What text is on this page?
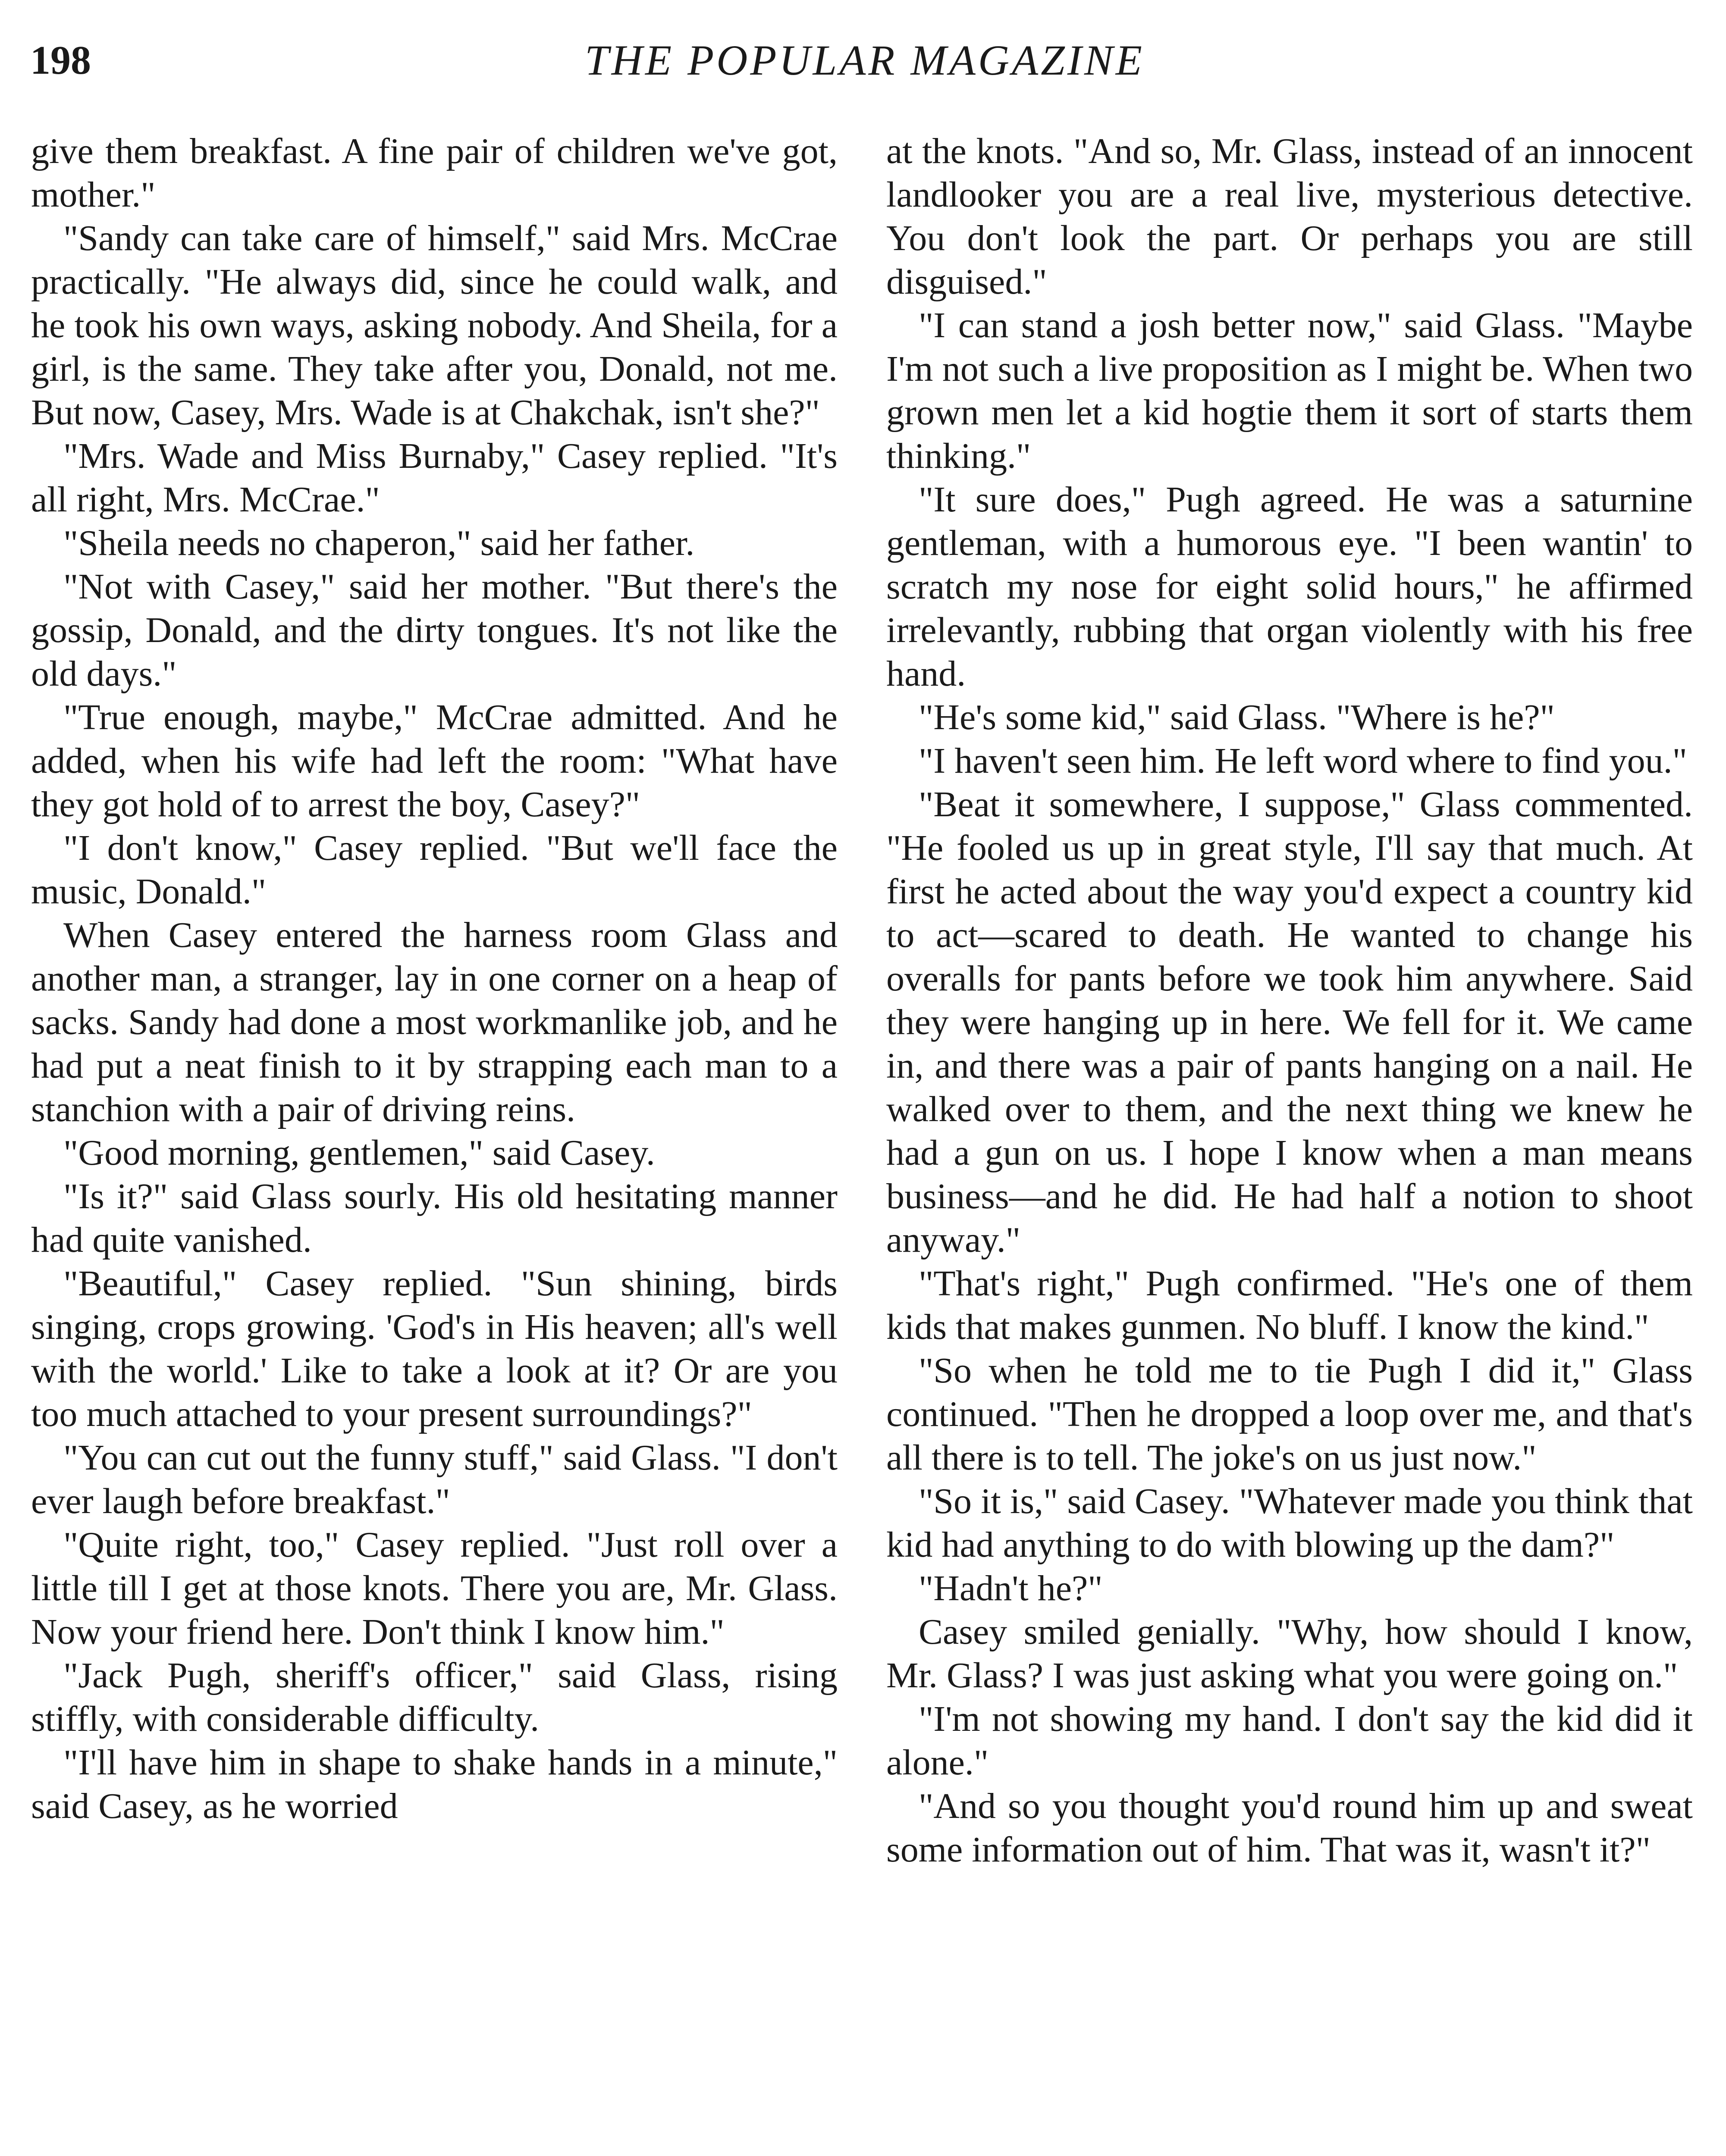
198	THE POPULAR MAGAZINE

give them breakfast. A fine pair of children we've got, mother."

"Sandy can take care of himself," said Mrs. McCrae practically. "He always did, since he could walk, and he took his own ways, asking nobody. And Sheila, for a girl, is the same. They take after you, Donald, not me. But now, Casey, Mrs. Wade is at Chakchak, isn't she?"

"Mrs. Wade and Miss Burnaby," Casey replied. "It's all right, Mrs. McCrae."

"Sheila needs no chaperon," said her father.

"Not with Casey," said her mother. "But there's the gossip, Donald, and the dirty tongues. It's not like the old days."

"True enough, maybe," McCrae admitted. And he added, when his wife had left the room: "What have they got hold of to arrest the boy, Casey?"

"I don't know," Casey replied. "But we'll face the music, Donald."

When Casey entered the harness room Glass and another man, a stranger, lay in one corner on a heap of sacks. Sandy had done a most workmanlike job, and he had put a neat finish to it by strapping each man to a stanchion with a pair of driving reins.

"Good morning, gentlemen," said Casey.

"Is it?" said Glass sourly. His old hesitating manner had quite vanished.

"Beautiful," Casey replied. "Sun shining, birds singing, crops growing. 'God's in His heaven; all's well with the world.' Like to take a look at it? Or are you too much attached to your present surroundings?"

"You can cut out the funny stuff," said Glass. "I don't ever laugh before breakfast."

"Quite right, too," Casey replied. "Just roll over a little till I get at those knots. There you are, Mr. Glass. Now your friend here. Don't think I know him."

"Jack Pugh, sheriff's officer," said Glass, rising stiffly, with considerable difficulty.

"I'll have him in shape to shake hands in a minute," said Casey, as he worried

at the knots. "And so, Mr. Glass, instead of an innocent landlooker you are a real live, mysterious detective. You don't look the part. Or perhaps you are still disguised."

"I can stand a josh better now," said Glass. "Maybe I'm not such a live proposition as I might be. When two grown men let a kid hogtie them it sort of starts them thinking."

"It sure does," Pugh agreed. He was a saturnine gentleman, with a humorous eye. "I been wantin' to scratch my nose for eight solid hours," he affirmed irrelevantly, rubbing that organ violently with his free hand.

"He's some kid," said Glass. "Where is he?"

"I haven't seen him. He left word where to find you."

"Beat it somewhere, I suppose," Glass commented. "He fooled us up in great style, I'll say that much. At first he acted about the way you'd expect a country kid to act—scared to death. He wanted to change his overalls for pants before we took him anywhere. Said they were hanging up in here. We fell for it. We came in, and there was a pair of pants hanging on a nail. He walked over to them, and the next thing we knew he had a gun on us. I hope I know when a man means business—and he did. He had half a notion to shoot anyway."

"That's right," Pugh confirmed. "He's one of them kids that makes gunmen. No bluff. I know the kind."

"So when he told me to tie Pugh I did it," Glass continued. "Then he dropped a loop over me, and that's all there is to tell. The joke's on us just now."

"So it is," said Casey. "Whatever made you think that kid had anything to do with blowing up the dam?"

"Hadn't he?"

Casey smiled genially. "Why, how should I know, Mr. Glass? I was just asking what you were going on."

"I'm not showing my hand. I don't say the kid did it alone."

"And so you thought you'd round him up and sweat some information out of him. That was it, wasn't it?"
